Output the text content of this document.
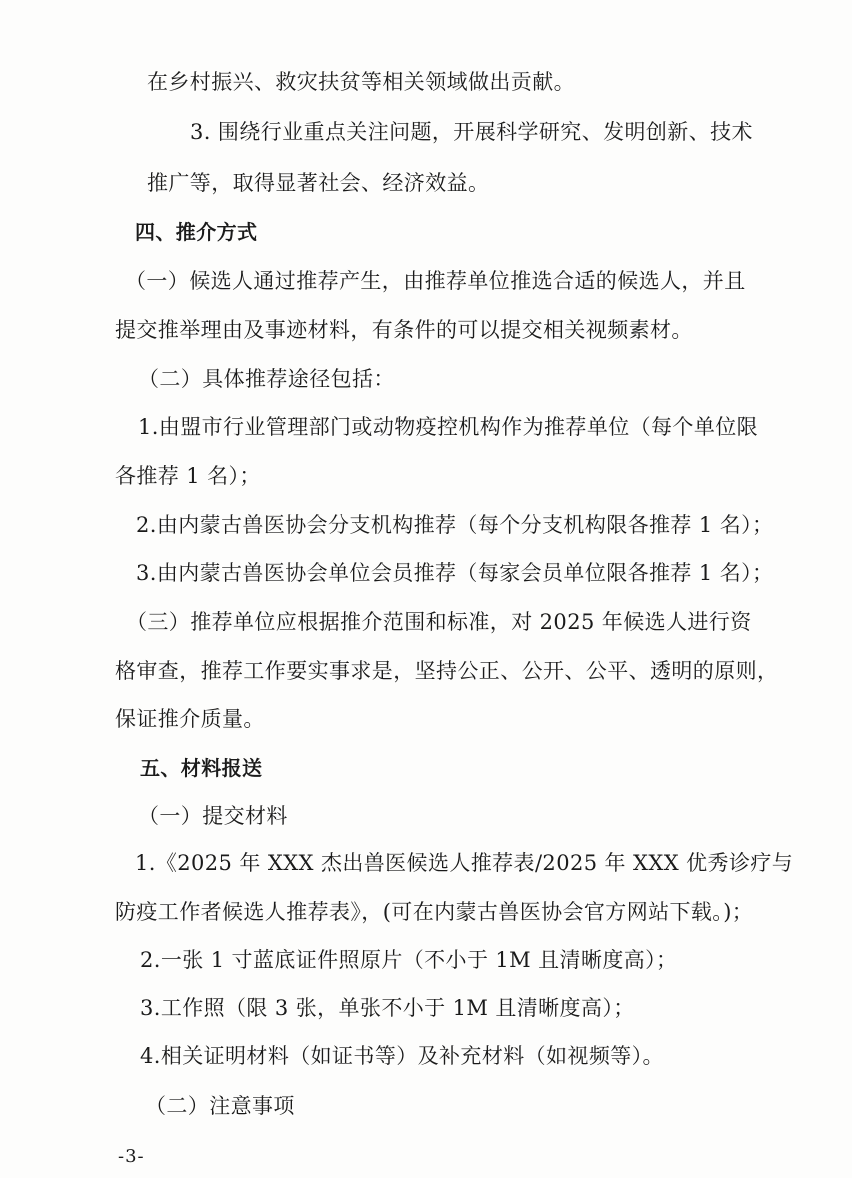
在乡村振兴、救灾扶贫等相关领域做出贡献。
3. 围绕行业重点关注问题，开展科学研究、发明创新、技术
推广等，取得显著社会、经济效益。
四、推介方式
（一）候选人通过推荐产生，由推荐单位推选合适的候选人，并且
提交推举理由及事迹材料，有条件的可以提交相关视频素材。
（二）具体推荐途径包括：
1.由盟市行业管理部门或动物疫控机构作为推荐单位（每个单位限
各推荐 1 名）；
2.由内蒙古兽医协会分支机构推荐（每个分支机构限各推荐 1 名）；
3.由内蒙古兽医协会单位会员推荐（每家会员单位限各推荐 1 名）；
（三）推荐单位应根据推介范围和标准，对 2025 年候选人进行资
格审查，推荐工作要实事求是，坚持公正、公开、公平、透明的原则，
保证推介质量。
五、材料报送
（一）提交材料
1.《2025 年 XXX 杰出兽医候选人推荐表/2025 年 XXX 优秀诊疗与
防疫工作者候选人推荐表》，(可在内蒙古兽医协会官方网站下载。)；
2.一张 1 寸蓝底证件照原片（不小于 1M 且清晰度高）；
3.工作照（限 3 张，单张不小于 1M 且清晰度高）；
4.相关证明材料（如证书等）及补充材料（如视频等）。
（二）注意事项
-3-
